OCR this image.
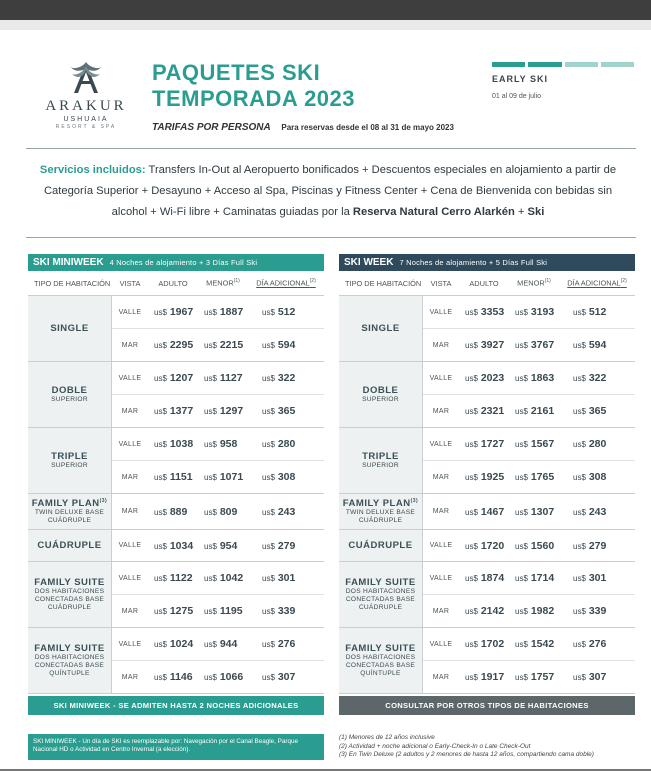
ARAKUR
USHUAIA
RESORT & SPA
PAQUETES SKI
TEMPORADA 2023
TARIFAS POR PERSONA Para reservas desde el 08 al 31 de mayo 2023
EARLY SKI
01 al 09 de julio
Servicios incluidos: Transfers In-Out al Aeropuerto bonificados + Descuentos especiales en alojamiento a partir de Categoría Superior + Desayuno + Acceso al Spa, Piscinas y Fitness Center + Cena de Bienvenida con bebidas sin alcohol + Wi-Fi libre + Caminatas guiadas por la Reserva Natural Cerro Alarkén + Ski
SKI MINIWEEK 4 Noches de alojamiento + 3 Días Full Ski
TIPO DE HABITACIÓN	VISTA	ADULTO	MENOR$^{(1)}$	DÍA ADICIONAL$^{(2)}$
SINGLE
VALLE	us$ 1967	us$ 1887	us$ 512
MAR	us$ 2295	us$ 2215	us$ 594
DOBLE
SUPERIOR
VALLE	us$ 1207	us$ 1127	us$ 322
MAR	us$ 1377	us$ 1297	us$ 365
TRIPLE
SUPERIOR
VALLE	us$ 1038	us$ 958	us$ 280
MAR	us$ 1151	us$ 1071	us$ 308
FAMILY PLAN$^{(3)}$
TWIN DELUXE BASE CUÁDRUPLE
MAR	us$ 889	us$ 809	us$ 243
CUÁDRUPLE	VALLE	us$ 1034	us$ 954	us$ 279
FAMILY SUITE
DOS HABITACIONES CONECTADAS BASE CUÁDRUPLE
VALLE	us$ 1122	us$ 1042	us$ 301
MAR	us$ 1275	us$ 1195	us$ 339
FAMILY SUITE
DOS HABITACIONES CONECTADAS BASE QUÍNTUPLE
VALLE	us$ 1024	us$ 944	us$ 276
MAR	us$ 1146	us$ 1066	us$ 307
SKI MINIWEEK - SE ADMITEN HASTA 2 NOCHES ADICIONALES
SKI WEEK 7 Noches de alojamiento + 5 Días Full Ski
TIPO DE HABITACIÓN	VISTA	ADULTO	MENOR$^{(1)}$	DÍA ADICIONAL$^{(2)}$
SINGLE
VALLE	us$ 3353	us$ 3193	us$ 512
MAR	us$ 3927	us$ 3767	us$ 594
DOBLE
SUPERIOR
VALLE	us$ 2023	us$ 1863	us$ 322
MAR	us$ 2321	us$ 2161	us$ 365
TRIPLE
SUPERIOR
VALLE	us$ 1727	us$ 1567	us$ 280
MAR	us$ 1925	us$ 1765	us$ 308
FAMILY PLAN$^{(3)}$
TWIN DELUXE BASE CUÁDRUPLE
MAR	us$ 1467	us$ 1307	us$ 243
CUÁDRUPLE	VALLE	us$ 1720	us$ 1560	us$ 279
FAMILY SUITE
DOS HABITACIONES CONECTADAS BASE CUÁDRUPLE
VALLE	us$ 1874	us$ 1714	us$ 301
MAR	us$ 2142	us$ 1982	us$ 339
FAMILY SUITE
DOS HABITACIONES CONECTADAS BASE QUÍNTUPLE
VALLE	us$ 1702	us$ 1542	us$ 276
MAR	us$ 1917	us$ 1757	us$ 307
CONSULTAR POR OTROS TIPOS DE HABITACIONES
SKI MINIWEEK - Un día de SKI es reemplazable por: Navegación por el Canal Beagle, Parque Nacional HD o Actividad en Centro Invernal (a elección).
(1) Menores de 12 años inclusive
(2) Actividad + noche adicional o Early-Check-In o Late Check-Out
(3) En Twin Deluxe (2 adultos y 2 menores de hasta 12 años, compartiendo cama doble)
